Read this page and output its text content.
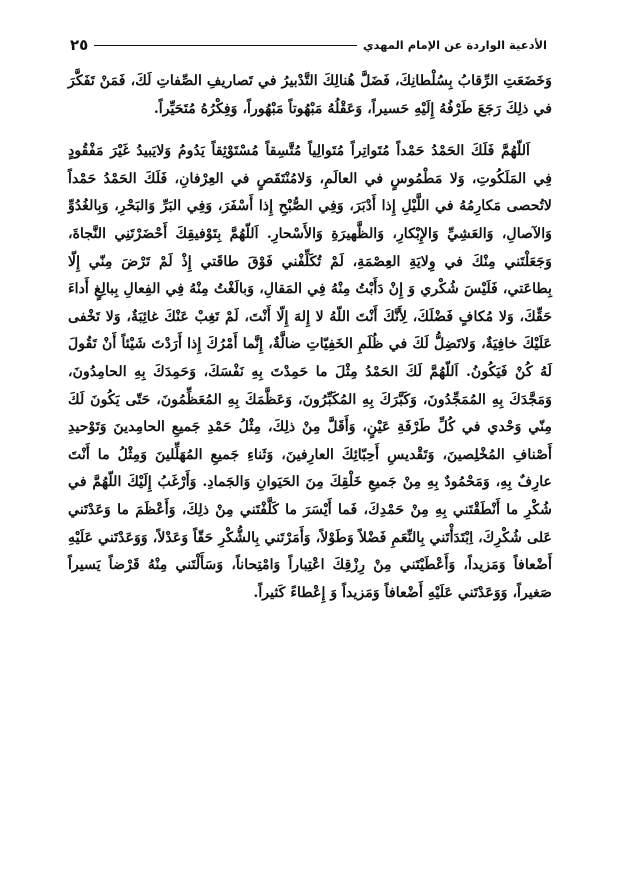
الأدعية الواردة عن الإمام المهدي
٢٥

وَخَضَعَتِ الرِّقابُ بِسُلْطانِكَ، فَضَلَّ هُنالِكَ التَّدْبيرُ في تَصاريفِ الصِّفاتِ لَكَ، فَمَنْ تَفَكَّرَ في ذلِكَ رَجَعَ طَرْفُهُ إِلَيْهِ حَسيراً، وَعَقْلُهُ مَبْهُوتاً مَبْهُوراً، وَفِكْرُهُ مُتَحَيِّراً.

اَللّهُمَّ فَلَكَ الحَمْدُ حَمْداً مُتَواتِراً مُتَوالِياً مُتَّسِقاً مُسْتَوْثِقاً يَدُومُ وَلايَبيدُ غَيْرَ مَفْقُودٍ فِي المَلَكُوتِ، وَلا مَطْمُوسٍ في العالَمِ، وَلامُنْتَقَصٍ في العِرْفانِ، فَلَكَ الحَمْدُ حَمْداً لاتُحصى مَكارِمُهُ في اللَّيْلِ إِذا أَدْبَرَ، وَفِي الصُّبْحِ إِذا أَسْفَرَ، وَفِي البَرِّ وَالبَحْرِ، وَبِالغُدُوِّ وَالآصالِ، وَالعَشِيِّ وَالإِبْكارِ، وَالظَّهيرَةِ وَالأَسْحارِ. اَللّهُمَّ بِتَوْفيقِكَ أَحْضَرْتَنِي النَّجاةَ، وَجَعَلْتَني مِنْكَ في وِلايَةِ العِصْمَةِ، لَمْ تُكَلِّفْني فَوْقَ طاقَتي إِذْ لَمْ تَرْضَ مِنّي إِلّا بِطاعَتي، فَلَيْسَ شُكْري وَ إِنْ دَأَبْتُ مِنْهُ فِي المَقالِ، وَبالَغْتُ مِنْهُ فِي الفِعالِ بِبالِغٍ أَداءَ حَقِّكَ، وَلا مُكافٍ فَضْلَكَ، لِأَنَّكَ أَنْتَ اللّهُ لا إِلهَ إِلّا أَنْتَ، لَمْ تَغِبْ عَنْكَ غائِبَةٌ، وَلا تَخْفى عَلَيْكَ خافِيَةٌ، وَلاتَضِلُّ لَكَ في ظُلَمِ الخَفِيّاتِ ضالَّةٌ، إِنَّما أَمْرُكَ إِذا أَرَدْتَ شَيْئاً أَنْ تَقُولَ لَهُ كُنْ فَيَكُونُ. اَللّهُمَّ لَكَ الحَمْدُ مِثْلَ ما حَمِدْتَ بِهِ نَفْسَكَ، وَحَمِدَكَ بِهِ الحامِدُونَ، وَمَجَّدَكَ بِهِ المُمَجِّدُونَ، وَكَبَّرَكَ بِهِ المُكَبِّرُونَ، وَعَظَّمَكَ بِهِ المُعَظِّمُونَ، حَتّى يَكُونَ لَكَ مِنّي وَحْدي في كُلِّ طَرْفَةِ عَيْنٍ، وَأَقَلَّ مِنْ ذلِكَ، مِثْلُ حَمْدِ جَميعِ الحامِدينَ وَتَوْحيدِ أَصْنافِ المُخْلِصينَ، وَتَقْديسِ أَحِبّائِكَ العارِفينَ، وَثَناءِ جَميعِ المُهَلِّلينَ وَمِثْلُ ما أَنْتَ عارِفٌ بِهِ، وَمَحْمُودٌ بِهِ مِنْ جَميعِ خَلْقِكَ مِنَ الحَيَوانِ وَالجَمادِ. وَأَرْغَبُ إِلَيْكَ اللّهُمَّ في شُكْرِ ما أَنْطَقْتَني بِهِ مِنْ حَمْدِكَ، فَما أَيْسَرَ ما كَلَّفْتَني مِنْ ذلِكَ، وَأَعْظَمَ ما وَعَدْتَني عَلى شُكْرِكَ، اِبْتَدَأْتَني بِالنِّعَمِ فَضْلاً وَطَوْلاً، وَأَمَرْتَني بِالشُّكْرِ حَقّاً وَعَدْلاً، وَوَعَدْتَني عَلَيْهِ أَضْعافاً وَمَزيداً، وَأَعْطَيْتَني مِنْ رِزْقِكَ اعْتِباراً وَامْتِحاناً، وَسَأَلْتَني مِنْهُ قَرْضاً يَسيراً صَغيراً، وَوَعَدْتَني عَلَيْهِ أَضْعافاً وَمَزيداً وَ إِعْطاءً كَثيراً.
